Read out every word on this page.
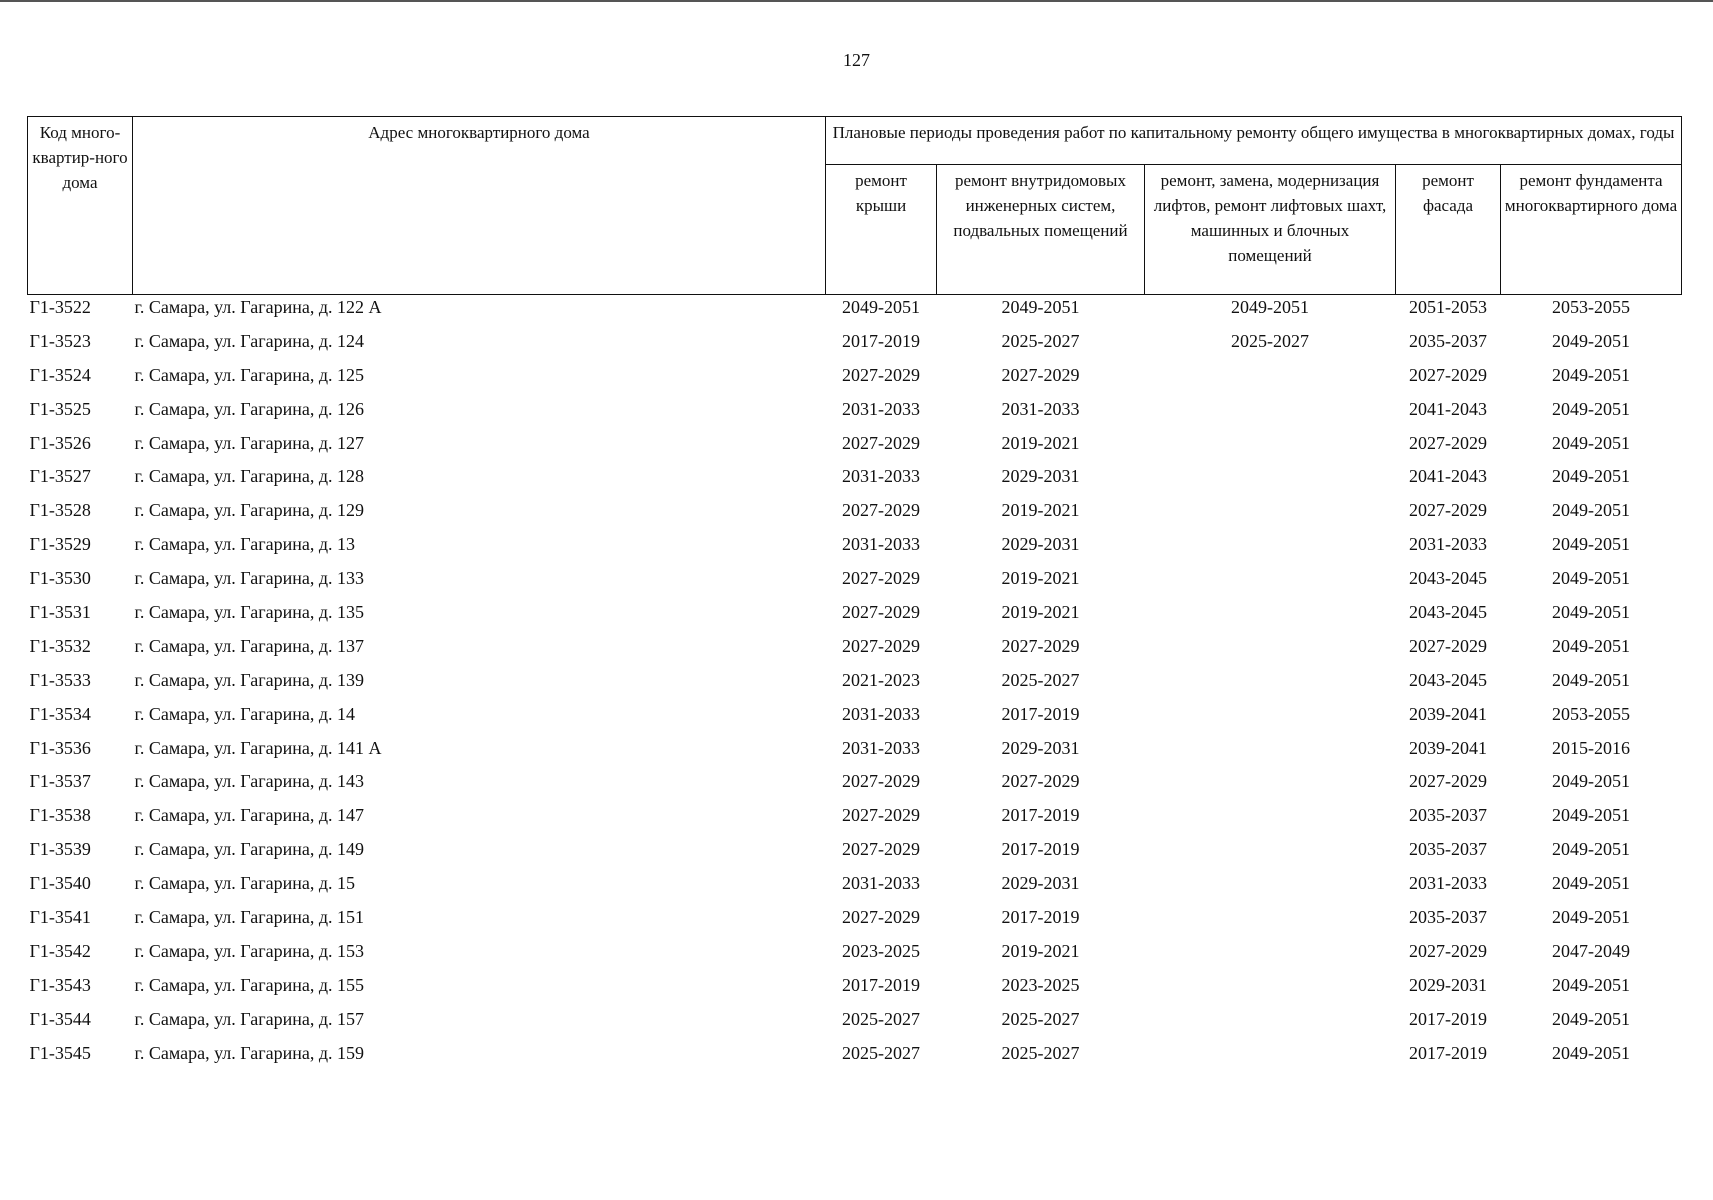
127
Код много-квартир-ного дома	Адрес многоквартирного дома	Плановые периоды проведения работ по капитальному ремонту общего имущества в многоквартирных домах, годы				
		ремонт крыши	ремонт внутридомовых инженерных систем, подвальных помещений	ремонт, замена, модернизация лифтов, ремонт лифтовых шахт, машинных и блочных помещений	ремонт фасада	ремонт фундамента многоквартирного дома
Г1-3522	г. Самара, ул. Гагарина, д. 122 А	2049-2051	2049-2051	2049-2051	2051-2053	2053-2055
Г1-3523	г. Самара, ул. Гагарина, д. 124	2017-2019	2025-2027	2025-2027	2035-2037	2049-2051
Г1-3524	г. Самара, ул. Гагарина, д. 125	2027-2029	2027-2029		2027-2029	2049-2051
Г1-3525	г. Самара, ул. Гагарина, д. 126	2031-2033	2031-2033		2041-2043	2049-2051
Г1-3526	г. Самара, ул. Гагарина, д. 127	2027-2029	2019-2021		2027-2029	2049-2051
Г1-3527	г. Самара, ул. Гагарина, д. 128	2031-2033	2029-2031		2041-2043	2049-2051
Г1-3528	г. Самара, ул. Гагарина, д. 129	2027-2029	2019-2021		2027-2029	2049-2051
Г1-3529	г. Самара, ул. Гагарина, д. 13	2031-2033	2029-2031		2031-2033	2049-2051
Г1-3530	г. Самара, ул. Гагарина, д. 133	2027-2029	2019-2021		2043-2045	2049-2051
Г1-3531	г. Самара, ул. Гагарина, д. 135	2027-2029	2019-2021		2043-2045	2049-2051
Г1-3532	г. Самара, ул. Гагарина, д. 137	2027-2029	2027-2029		2027-2029	2049-2051
Г1-3533	г. Самара, ул. Гагарина, д. 139	2021-2023	2025-2027		2043-2045	2049-2051
Г1-3534	г. Самара, ул. Гагарина, д. 14	2031-2033	2017-2019		2039-2041	2053-2055
Г1-3536	г. Самара, ул. Гагарина, д. 141 А	2031-2033	2029-2031		2039-2041	2015-2016
Г1-3537	г. Самара, ул. Гагарина, д. 143	2027-2029	2027-2029		2027-2029	2049-2051
Г1-3538	г. Самара, ул. Гагарина, д. 147	2027-2029	2017-2019		2035-2037	2049-2051
Г1-3539	г. Самара, ул. Гагарина, д. 149	2027-2029	2017-2019		2035-2037	2049-2051
Г1-3540	г. Самара, ул. Гагарина, д. 15	2031-2033	2029-2031		2031-2033	2049-2051
Г1-3541	г. Самара, ул. Гагарина, д. 151	2027-2029	2017-2019		2035-2037	2049-2051
Г1-3542	г. Самара, ул. Гагарина, д. 153	2023-2025	2019-2021		2027-2029	2047-2049
Г1-3543	г. Самара, ул. Гагарина, д. 155	2017-2019	2023-2025		2029-2031	2049-2051
Г1-3544	г. Самара, ул. Гагарина, д. 157	2025-2027	2025-2027		2017-2019	2049-2051
Г1-3545	г. Самара, ул. Гагарина, д. 159	2025-2027	2025-2027		2017-2019	2049-2051
